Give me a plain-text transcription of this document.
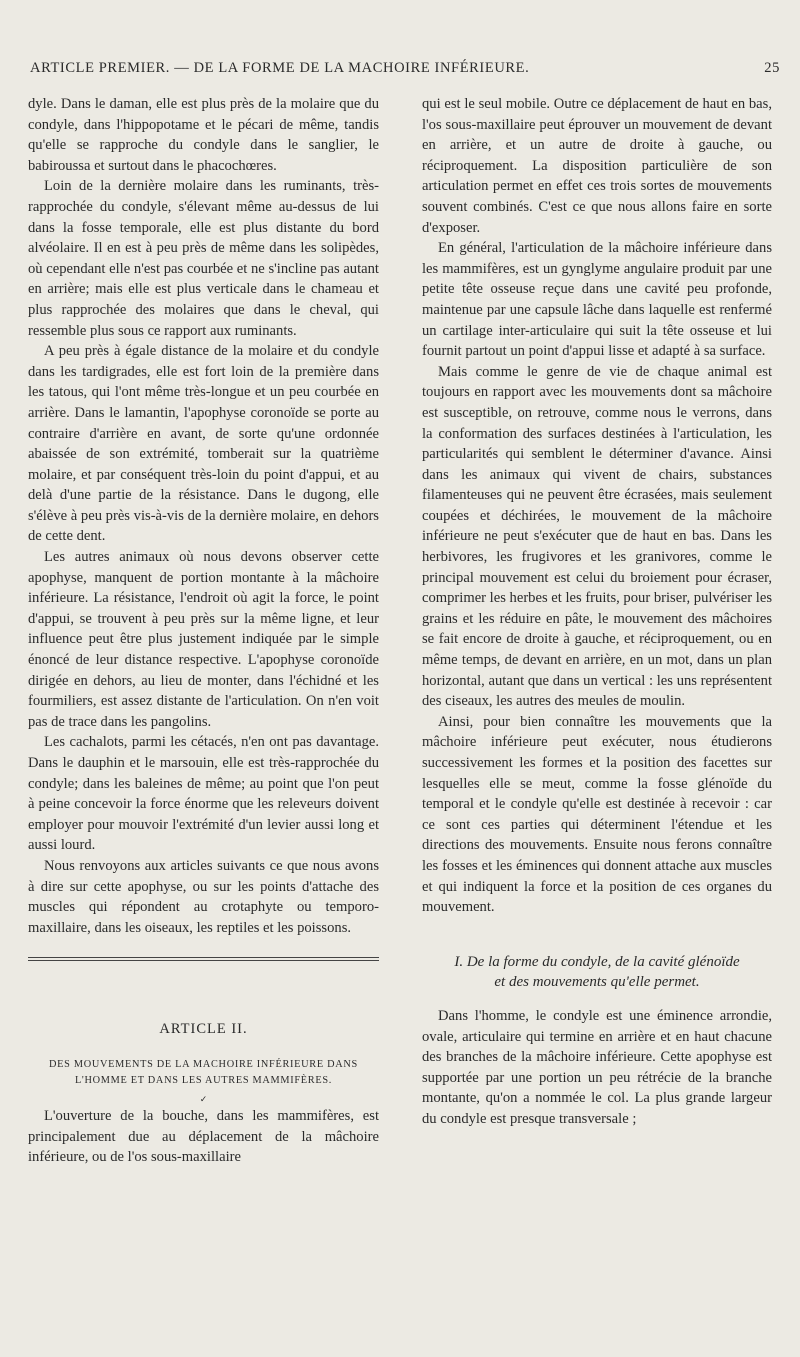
ARTICLE PREMIER. — DE LA FORME DE LA MACHOIRE INFÉRIEURE.	25

dyle. Dans le daman, elle est plus près de la molaire que du condyle, dans l'hippopotame et le pécari de même, tandis qu'elle se rapproche du condyle dans le sanglier, le babiroussa et surtout dans le phacochœres.

Loin de la dernière molaire dans les ruminants, très-rapprochée du condyle, s'élevant même au-dessus de lui dans la fosse temporale, elle est plus distante du bord alvéolaire. Il en est à peu près de même dans les solipèdes, où cependant elle n'est pas courbée et ne s'incline pas autant en arrière; mais elle est plus verticale dans le chameau et plus rapprochée des molaires que dans le cheval, qui ressemble plus sous ce rapport aux ruminants.

A peu près à égale distance de la molaire et du condyle dans les tardigrades, elle est fort loin de la première dans les tatous, qui l'ont même très-longue et un peu courbée en arrière. Dans le lamantin, l'apophyse coronoïde se porte au contraire d'arrière en avant, de sorte qu'une ordonnée abaissée de son extrémité, tomberait sur la quatrième molaire, et par conséquent très-loin du point d'appui, et au delà d'une partie de la résistance. Dans le dugong, elle s'élève à peu près vis-à-vis de la dernière molaire, en dehors de cette dent.

Les autres animaux où nous devons observer cette apophyse, manquent de portion montante à la mâchoire inférieure. La résistance, l'endroit où agit la force, le point d'appui, se trouvent à peu près sur la même ligne, et leur influence peut être plus justement indiquée par le simple énoncé de leur distance respective. L'apophyse coronoïde dirigée en dehors, au lieu de monter, dans l'échidné et les fourmiliers, est assez distante de l'articulation. On n'en voit pas de trace dans les pangolins.

Les cachalots, parmi les cétacés, n'en ont pas davantage. Dans le dauphin et le marsouin, elle est très-rapprochée du condyle; dans les baleines de même; au point que l'on peut à peine concevoir la force énorme que les releveurs doivent employer pour mouvoir l'extrémité d'un levier aussi long et aussi lourd.

Nous renvoyons aux articles suivants ce que nous avons à dire sur cette apophyse, ou sur les points d'attache des muscles qui répondent au crotaphyte ou temporo-maxillaire, dans les oiseaux, les reptiles et les poissons.

ARTICLE II.
DES MOUVEMENTS DE LA MACHOIRE INFÉRIEURE DANS
L'HOMME ET DANS LES AUTRES MAMMIFÈRES.
✓

L'ouverture de la bouche, dans les mammifères, est principalement due au déplacement de la mâchoire inférieure, ou de l'os sous-maxillaire

qui est le seul mobile. Outre ce déplacement de haut en bas, l'os sous-maxillaire peut éprouver un mouvement de devant en arrière, et un autre de droite à gauche, ou réciproquement. La disposition particulière de son articulation permet en effet ces trois sortes de mouvements souvent combinés. C'est ce que nous allons faire en sorte d'exposer.

En général, l'articulation de la mâchoire inférieure dans les mammifères, est un gynglyme angulaire produit par une petite tête osseuse reçue dans une cavité peu profonde, maintenue par une capsule lâche dans laquelle est renfermé un cartilage inter-articulaire qui suit la tête osseuse et lui fournit partout un point d'appui lisse et adapté à sa surface.

Mais comme le genre de vie de chaque animal est toujours en rapport avec les mouvements dont sa mâchoire est susceptible, on retrouve, comme nous le verrons, dans la conformation des surfaces destinées à l'articulation, les particularités qui semblent le déterminer d'avance. Ainsi dans les animaux qui vivent de chairs, substances filamenteuses qui ne peuvent être écrasées, mais seulement coupées et déchirées, le mouvement de la mâchoire inférieure ne peut s'exécuter que de haut en bas. Dans les herbivores, les frugivores et les granivores, comme le principal mouvement est celui du broiement pour écraser, comprimer les herbes et les fruits, pour briser, pulvériser les grains et les réduire en pâte, le mouvement des mâchoires se fait encore de droite à gauche, et réciproquement, ou en même temps, de devant en arrière, en un mot, dans un plan horizontal, autant que dans un vertical : les uns représentent des ciseaux, les autres des meules de moulin.

Ainsi, pour bien connaître les mouvements que la mâchoire inférieure peut exécuter, nous étudierons successivement les formes et la position des facettes sur lesquelles elle se meut, comme la fosse glénoïde du temporal et le condyle qu'elle est destinée à recevoir : car ce sont ces parties qui déterminent l'étendue et les directions des mouvements. Ensuite nous ferons connaître les fosses et les éminences qui donnent attache aux muscles et qui indiquent la force et la position de ces organes du mouvement.

I. De la forme du condyle, de la cavité glénoïde
et des mouvements qu'elle permet.

Dans l'homme, le condyle est une éminence arrondie, ovale, articulaire qui termine en arrière et en haut chacune des branches de la mâchoire inférieure. Cette apophyse est supportée par une portion un peu rétrécie de la branche montante, qu'on a nommée le col. La plus grande largeur du condyle est presque transversale ;
